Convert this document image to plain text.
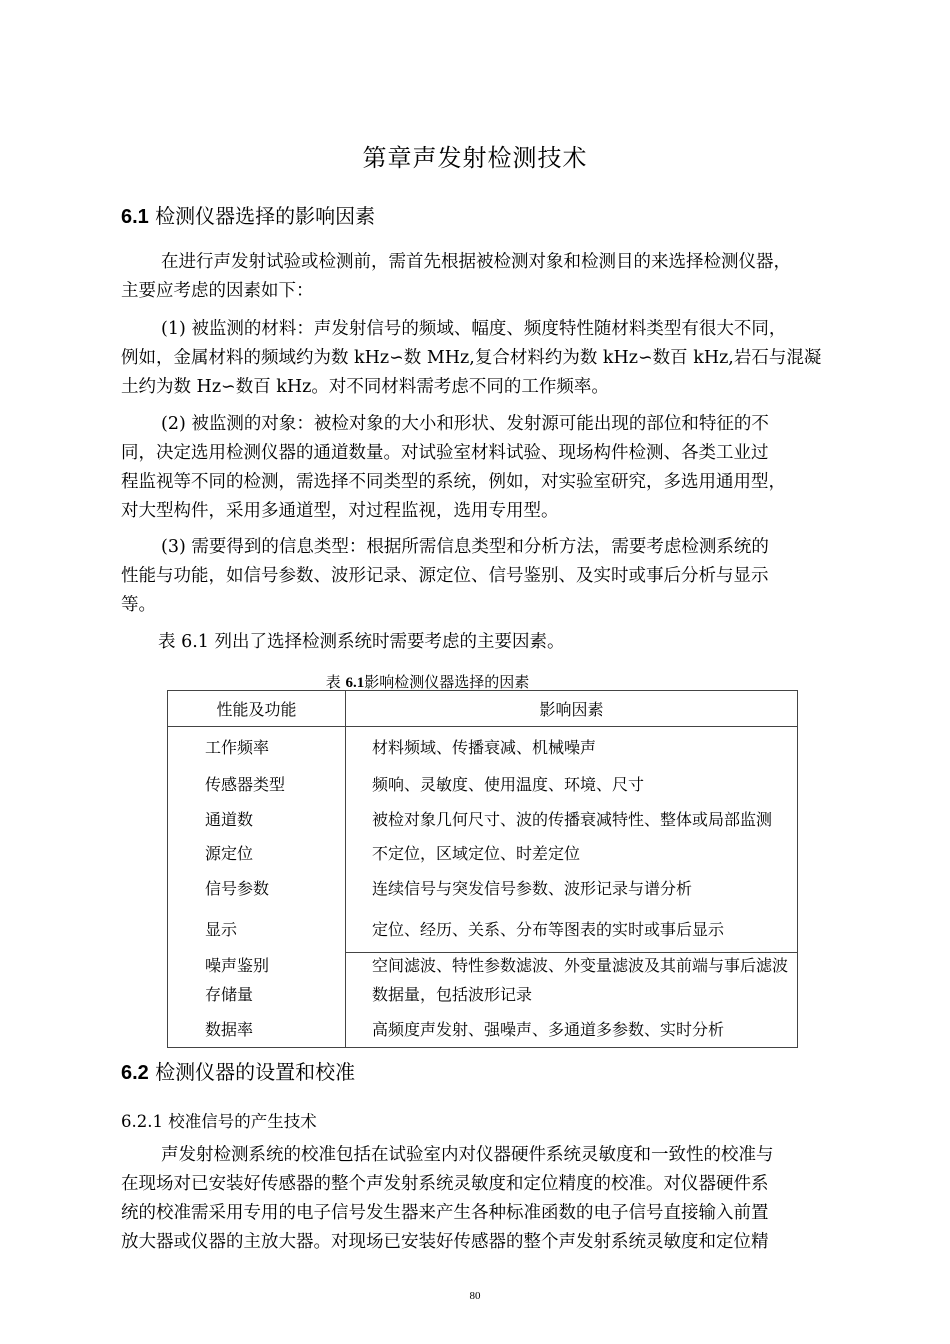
第章声发射检测技术
6.1 检测仪器选择的影响因素
在进行声发射试验或检测前，需首先根据被检测对象和检测目的来选择检测仪器，
主要应考虑的因素如下：
(1) 被监测的材料：声发射信号的频域、幅度、频度特性随材料类型有很大不同，
例如，金属材料的频域约为数 kHz∽数 MHz,复合材料约为数 kHz∽数百 kHz,岩石与混凝
土约为数 Hz∽数百 kHz。对不同材料需考虑不同的工作频率。
(2) 被监测的对象：被检对象的大小和形状、发射源可能出现的部位和特征的不
同，决定选用检测仪器的通道数量。对试验室材料试验、现场构件检测、各类工业过
程监视等不同的检测，需选择不同类型的系统，例如，对实验室研究，多选用通用型，
对大型构件，采用多通道型，对过程监视，选用专用型。
(3) 需要得到的信息类型：根据所需信息类型和分析方法，需要考虑检测系统的
性能与功能，如信号参数、波形记录、源定位、信号鉴别、及实时或事后分析与显示
等。
表 6.1 列出了选择检测系统时需要考虑的主要因素。
表 6.1影响检测仪器选择的因素
性能及功能	影响因素
工作频率	材料频域、传播衰减、机械噪声
传感器类型	频响、灵敏度、使用温度、环境、尺寸
通道数	被检对象几何尺寸、波的传播衰减特性、整体或局部监测
源定位	不定位，区域定位、时差定位
信号参数	连续信号与突发信号参数、波形记录与谱分析
显示	定位、经历、关系、分布等图表的实时或事后显示
噪声鉴别	空间滤波、特性参数滤波、外变量滤波及其前端与事后滤波
存储量	数据量，包括波形记录
数据率	高频度声发射、强噪声、多通道多参数、实时分析
6.2 检测仪器的设置和校准
6.2.1 校准信号的产生技术
声发射检测系统的校准包括在试验室内对仪器硬件系统灵敏度和一致性的校准与
在现场对已安装好传感器的整个声发射系统灵敏度和定位精度的校准。对仪器硬件系
统的校准需采用专用的电子信号发生器来产生各种标准函数的电子信号直接输入前置
放大器或仪器的主放大器。对现场已安装好传感器的整个声发射系统灵敏度和定位精
80
